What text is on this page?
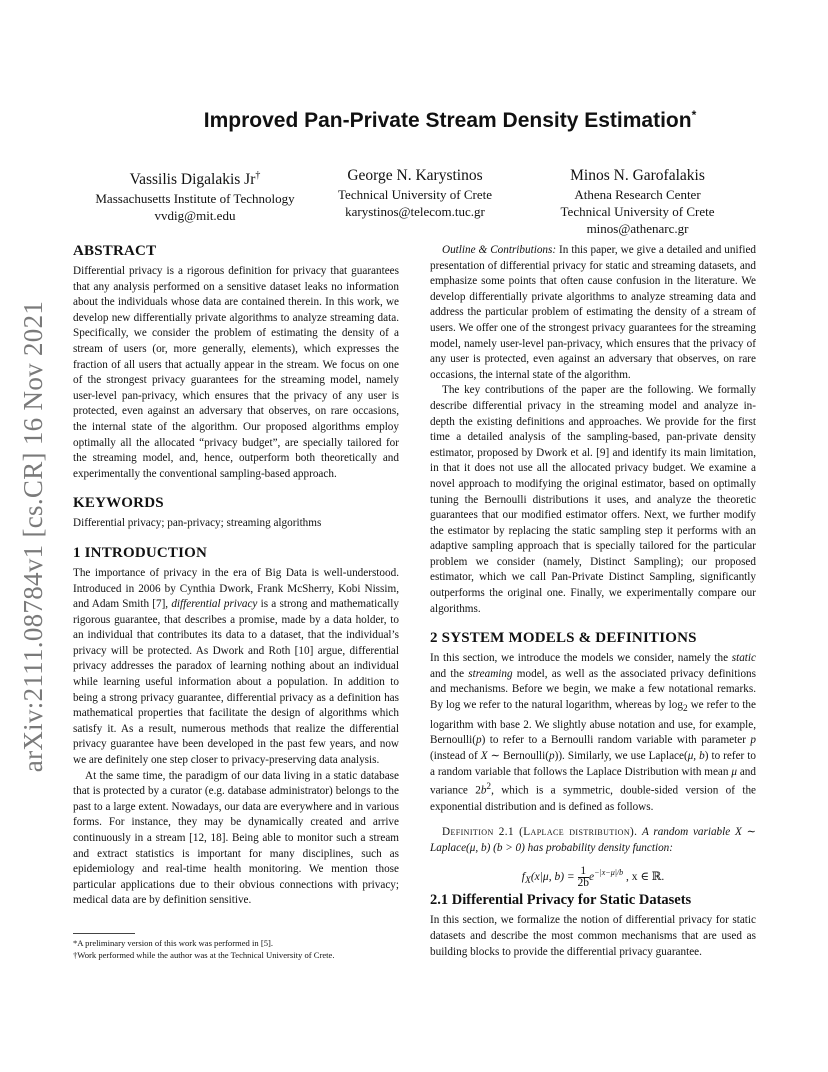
arXiv:2111.08784v1 [cs.CR] 16 Nov 2021
Improved Pan-Private Stream Density Estimation*
Vassilis Digalakis Jr†
Massachusetts Institute of Technology
vvdig@mit.edu
George N. Karystinos
Technical University of Crete
karystinos@telecom.tuc.gr
Minos N. Garofalakis
Athena Research Center
Technical University of Crete
minos@athenarc.gr
ABSTRACT

Differential privacy is a rigorous definition for privacy that guarantees that any analysis performed on a sensitive dataset leaks no information about the individuals whose data are contained therein. In this work, we develop new differentially private algorithms to analyze streaming data. Specifically, we consider the problem of estimating the density of a stream of users (or, more generally, elements), which expresses the fraction of all users that actually appear in the stream. We focus on one of the strongest privacy guarantees for the streaming model, namely user-level pan-privacy, which ensures that the privacy of any user is protected, even against an adversary that observes, on rare occasions, the internal state of the algorithm. Our proposed algorithms employ optimally all the allocated “privacy budget”, are specially tailored for the streaming model, and, hence, outperform both theoretically and experimentally the conventional sampling-based approach.

KEYWORDS

Differential privacy; pan-privacy; streaming algorithms

1 INTRODUCTION

The importance of privacy in the era of Big Data is well-understood. Introduced in 2006 by Cynthia Dwork, Frank McSherry, Kobi Nissim, and Adam Smith [7], differential privacy is a strong and mathematically rigorous guarantee, that describes a promise, made by a data holder, to an individual that contributes its data to a dataset, that the individual’s privacy will be protected. As Dwork and Roth [10] argue, differential privacy addresses the paradox of learning nothing about an individual while learning useful information about a population. In addition to being a strong privacy guarantee, differential privacy as a definition has mathematical properties that facilitate the design of algorithms which satisfy it. As a result, numerous methods that realize the differential privacy guarantee have been developed in the past few years, and now we are definitely one step closer to privacy-preserving data analysis.

At the same time, the paradigm of our data living in a static database that is protected by a curator (e.g. database administrator) belongs to the past to a large extent. Nowadays, our data are everywhere and in various forms. For instance, they may be dynamically created and arrive continuously in a stream [12, 18]. Being able to monitor such a stream and extract statistics is important for many disciplines, such as epidemiology and real-time health monitoring. We mention those particular applications due to their obvious connections with privacy; medical data are by definition sensitive.

*A preliminary version of this work was performed in [5].

†Work performed while the author was at the Technical University of Crete.

Outline & Contributions: In this paper, we give a detailed and unified presentation of differential privacy for static and streaming datasets, and emphasize some points that often cause confusion in the literature. We develop differentially private algorithms to analyze streaming data and address the particular problem of estimating the density of a stream of users. We offer one of the strongest privacy guarantees for the streaming model, namely user-level pan-privacy, which ensures that the privacy of any user is protected, even against an adversary that observes, on rare occasions, the internal state of the algorithm.

The key contributions of the paper are the following. We formally describe differential privacy in the streaming model and analyze in-depth the existing definitions and approaches. We provide for the first time a detailed analysis of the sampling-based, pan-private density estimator, proposed by Dwork et al. [9] and identify its main limitation, in that it does not use all the allocated privacy budget. We examine a novel approach to modifying the original estimator, based on optimally tuning the Bernoulli distributions it uses, and analyze the theoretic guarantees that our modified estimator offers. Next, we further modify the estimator by replacing the static sampling step it performs with an adaptive sampling approach that is specially tailored for the particular problem we consider (namely, Distinct Sampling); our proposed estimator, which we call Pan-Private Distinct Sampling, significantly outperforms the original one. Finally, we experimentally compare our algorithms.

2 SYSTEM MODELS & DEFINITIONS

In this section, we introduce the models we consider, namely the static and the streaming model, as well as the associated privacy definitions and mechanisms. Before we begin, we make a few notational remarks. By log we refer to the natural logarithm, whereas by $\log_2$ we refer to the logarithm with base 2. We slightly abuse notation and use, for example, Bernoulli(p) to refer to a Bernoulli random variable with parameter p (instead of X ∼ Bernoulli(p)). Similarly, we use Laplace(μ, b) to refer to a random variable that follows the Laplace Distribution with mean μ and variance $2b^2$, which is a symmetric, double-sided version of the exponential distribution and is defined as follows.

Definition 2.1 (Laplace distribution). A random variable X ∼ Laplace(μ, b) (b > 0) has probability density function:

$f_X(x|\mu$, $b) = \frac{1}{2b} e^{-|x-\mu|/b}$ , x ∈ ℝ.
2.1 Differential Privacy for Static Datasets

In this section, we formalize the notion of differential privacy for static datasets and describe the most common mechanisms that are used as building blocks to provide the differential privacy guarantee.
